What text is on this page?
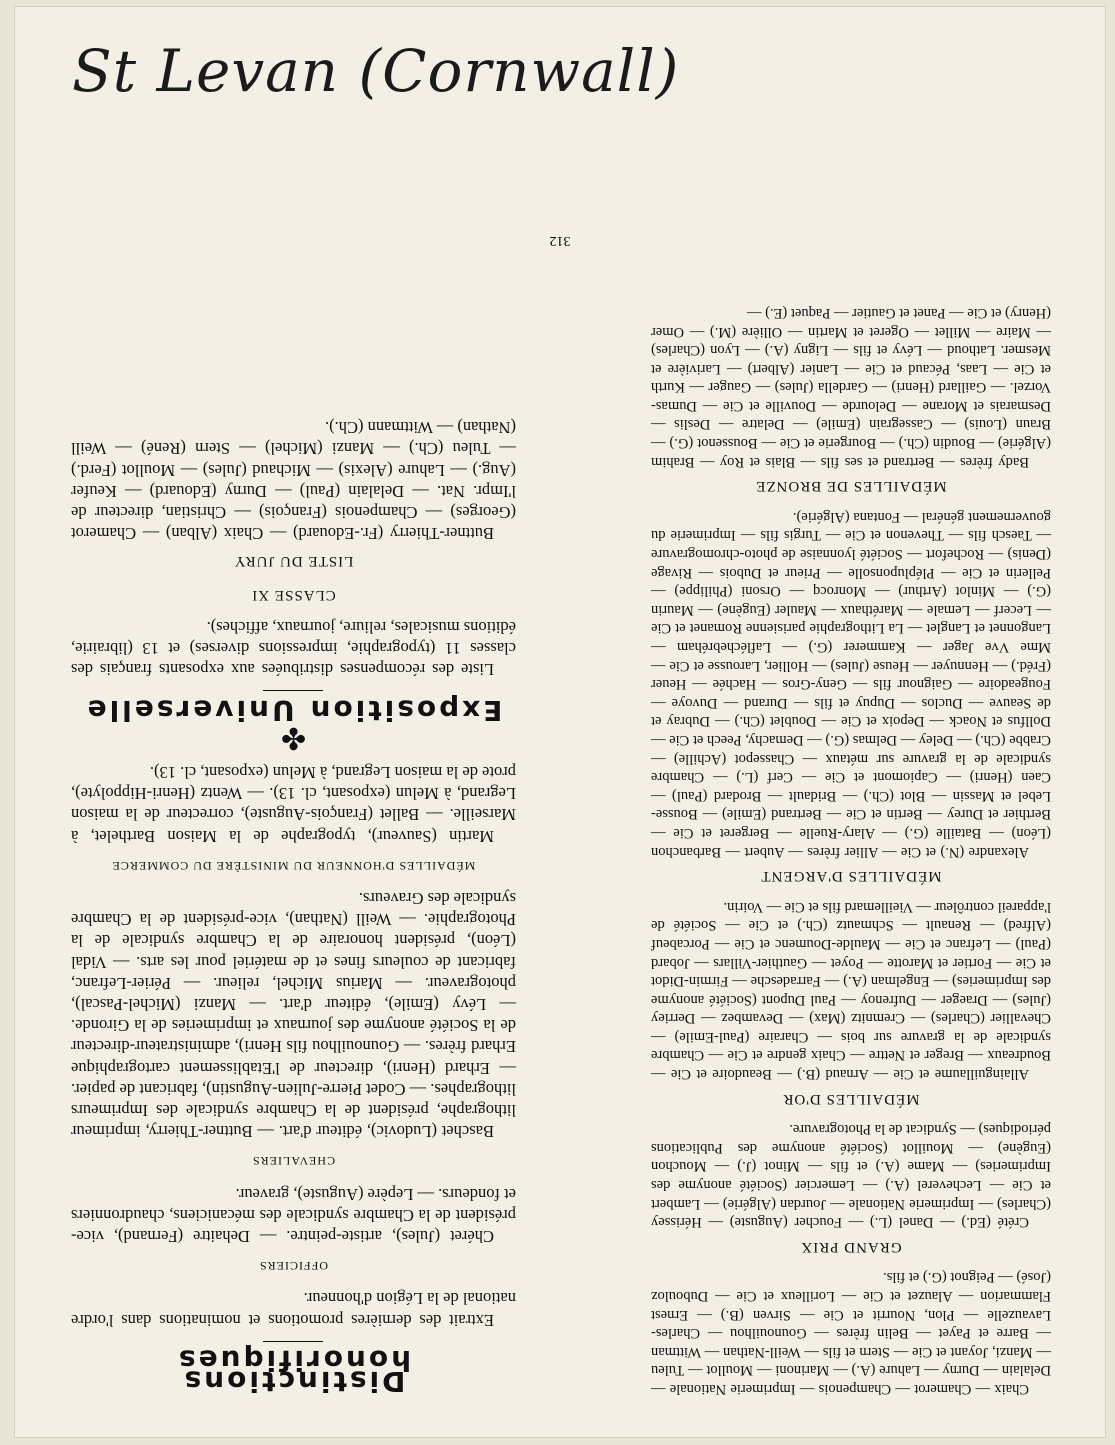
St Levan (Cornwall)
Distinctions honorifiques

Extrait des dernières promotions et nominations dans l'ordre national de la Légion d'honneur.

OFFICIERS

Chéret (Jules), artiste-peintre. — Dehaitre (Fernand), vice-président de la Chambre syndicale des mécaniciens, chaudronniers et fondeurs. — Lepère (Auguste), graveur.

CHEVALIERS

Baschet (Ludovic), éditeur d'art. — Buttner-Thierry, imprimeur lithographe, président de la Chambre syndicale des Imprimeurs lithographes. — Codet Pierre-Julien-Augustin), fabricant de papier. — Erhard (Henri), directeur de l'Etablissement cartographique Erhard frères. — Gounouilhou fils Henri), administrateur-directeur de la Société anonyme des journaux et imprimeries de la Gironde. — Lévy (Emile), éditeur d'art. — Manzi (Michel-Pascal), photograveur. — Marius Michel, relieur. — Périer-Lefranc, fabricant de couleurs fines et de matériel pour les arts. — Vidal (Léon), président honoraire de la Chambre syndicale de la Photographie. — Weill (Nathan), vice-président de la Chambre syndicale des Graveurs.

MÉDAILLES D'HONNEUR DU MINISTÈRE DU COMMERCE

Martin (Sauveur), typographe de la Maison Barthelet, à Marseille. — Ballet (François-Auguste), correcteur de la maison Legrand, à Melun (exposant, cl. 13). — Wentz (Henri-Hippolyte), prote de la maison Legrand, à Melun (exposant, cl. 13).

✤
Exposition Universelle

Liste des récompenses distribuées aux exposants français des classes 11 (typographie, impressions diverses) et 13 (librairie, éditions musicales, reliure, journaux, affiches).

CLASSE XI
LISTE DU JURY

Buttner-Thierry (Fr.-Edouard) — Chaix (Alban) — Chamerot (Georges) — Champenois (François) — Christian, directeur de l'Impr. Nat. — Delalain (Paul) — Durny (Edouard) — Keufer (Aug.) — Lahure (Alexis) — Michaud (Jules) — Moullot (Ferd.) — Tuleu (Ch.) — Manzi (Michel) — Stern (René) — Weill (Nathan) — Wittmann (Ch.).

Chaix — Chamerot — Champenois — Imprimerie Nationale — Delalain — Durny — Lahure (A.) — Marinoni — Moullot — Tuleu — Manzi, Joyant et Cie — Stern et fils — Weill-Nathan — Wittman — Barre et Payet — Belin frères — Gounouilhou — Charles-Lavauzelle — Plon, Nourrit et Cie — Sirven (B.) — Ernest Flammarion — Alauzet et Cie — Lorilleux et Cie — Dubouloz (José) — Peignot (G.) et fils.

GRAND PRIX

Crété (Ed.) — Danel (L.) — Foucher (Auguste) — Hérissey (Charles) — Imprimerie Nationale — Jourdan (Algérie) — Lambert et Cie — Lecheverel (A.) — Lemercier (Société anonyme des Imprimeries) — Mame (A.) et fils — Minot (J.) — Mouchon (Eugène) — Mouillot (Société anonyme des Publications périodiques) — Syndicat de la Photogravure.

MÉDAILLES D'OR

Allainguillaume et Cie — Arnaud (B.) — Beaudoire et Cie — Boudreaux — Breger et Nettre — Chaix gendre et Cie — Chambre syndicale de la gravure sur bois — Charaire (Paul-Emile) — Chevallier (Charles) — Cremnitz (Max) — Devambez — Derriey (Jules) — Draeger — Dufrenoy — Paul Dupont (Société anonyme des Imprimeries) — Engelman (A.) — Farradesche — Firmin-Didot et Cie — Fortier et Marotte — Poyet — Gauthier-Villars — Jobard (Paul) — Lefranc et Cie — Maulde-Doumenc et Cie — Porcabeuf (Alfred) — Renault — Schmautz (Ch.) et Cie — Société de l'appareil contrôleur — Vieillemard fils et Cie — Voirin.

MÉDAILLES D'ARGENT

Alexandre (N.) et Cie — Allier frères — Aubert — Barbanchon (Léon) — Bataille (G.) — Alary-Ruelle — Bergeret et Cie — Berthier et Durey — Bertin et Cie — Bertrand (Emile) — Bousse-Lebel et Massin — Blot (Ch.) — Bridault — Brodard (Paul) — Caen (Henri) — Capiomont et Cie — Cerf (L.) — Chambre syndicale de la gravure sur métaux — Chassepot (Achille) — Crabbe (Ch.) — Deley — Delmas (G.) — Demachy, Peech et Cie — Dollfus et Noack — Depoix et Cie — Doublet (Ch.) — Dubray et de Seauve — Duclos — Dupuy et fils — Durand — Duvoye — Fougeadoire — Gaignour fils — Geny-Gros — Hachée — Heuer (Fréd.) — Hennuyer — Heuse (Jules) — Hollier, Larousse et Cie — Mme Vve Jager — Kammerer (G.) — Lafléchebréham — Langonnet et Langlet — La Lithographie parisienne Romanet et Cie — Lecerf — Lemale — Maréthaux — Mauler (Eugène) — Maurin (G.) — Minlot (Arthur) — Monrocq — Orsoni (Philippe) — Pellerin et Cie — Plépluponsolle — Prieur et Dubois — Rivage (Denis) — Rochefort — Société lyonnaise de photo-chromogravure — Taesch fils — Thevenon et Cie — Turgis fils — Imprimerie du gouvernement général — Fontana (Algérie).

MÉDAILLES DE BRONZE

Bady frères — Bertrand et ses fils — Blais et Roy — Brahim (Algérie) — Boudin (Ch.) — Bourgerie et Cie — Boussenot (G.) — Braun (Louis) — Cassegrain (Emile) — Delatre — Deslis — Desmarais et Morane — Delourde — Douville et Cie — Dumas-Vorzel. — Gaillard (Henri) — Gardella (Jules) — Gauger — Kurth et Cie — Laas, Pécaud et Cie — Lanier (Albert) — Larivière et Mesmer. Lathoud — Lévy et fils — Ligny (A.) — Lyon (Charles) — Maire — Millet — Ogeret et Martin — Ollière (M.) — Omer (Henry) et Cie — Panet et Gautier — Paquet (E.) —

312
